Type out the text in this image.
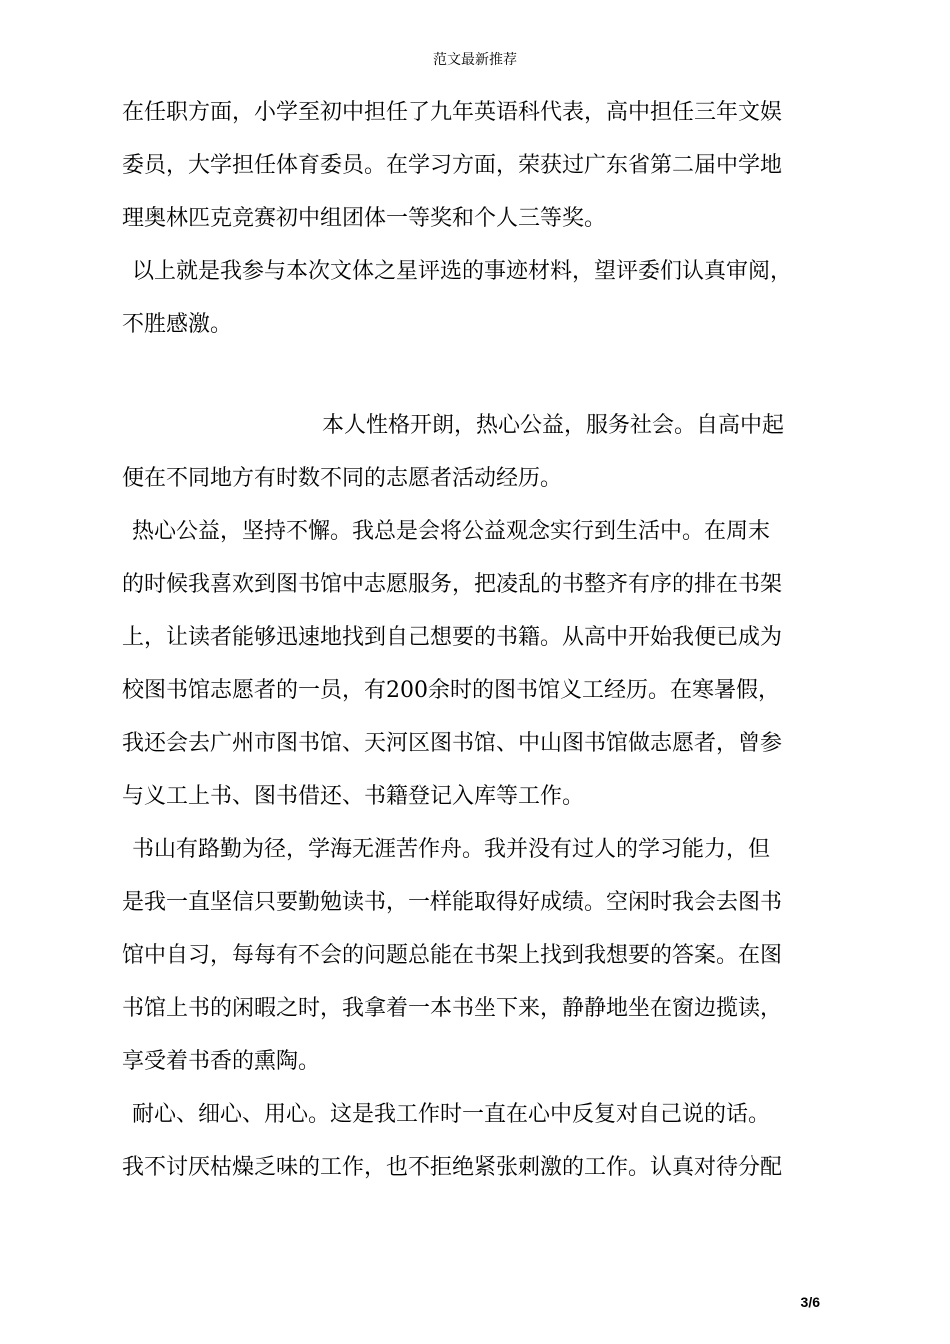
范文最新推荐
在任职方面，小学至初中担任了九年英语科代表，高中担任三年文娱
委员，大学担任体育委员。在学习方面，荣获过广东省第二届中学地
理奥林匹克竞赛初中组团体一等奖和个人三等奖。
以上就是我参与本次文体之星评选的事迹材料，望评委们认真审阅，
不胜感激。
本人性格开朗，热心公益，服务社会。自高中起
便在不同地方有时数不同的志愿者活动经历。
热心公益，坚持不懈。我总是会将公益观念实行到生活中。在周末
的时候我喜欢到图书馆中志愿服务，把凌乱的书整齐有序的排在书架
上，让读者能够迅速地找到自己想要的书籍。从高中开始我便已成为
校图书馆志愿者的一员，有200余时的图书馆义工经历。在寒暑假，
我还会去广州市图书馆、天河区图书馆、中山图书馆做志愿者，曾参
与义工上书、图书借还、书籍登记入库等工作。
书山有路勤为径，学海无涯苦作舟。我并没有过人的学习能力，但
是我一直坚信只要勤勉读书，一样能取得好成绩。空闲时我会去图书
馆中自习，每每有不会的问题总能在书架上找到我想要的答案。在图
书馆上书的闲暇之时，我拿着一本书坐下来，静静地坐在窗边揽读，
享受着书香的熏陶。
耐心、细心、用心。这是我工作时一直在心中反复对自己说的话。
我不讨厌枯燥乏味的工作，也不拒绝紧张刺激的工作。认真对待分配
3/6
